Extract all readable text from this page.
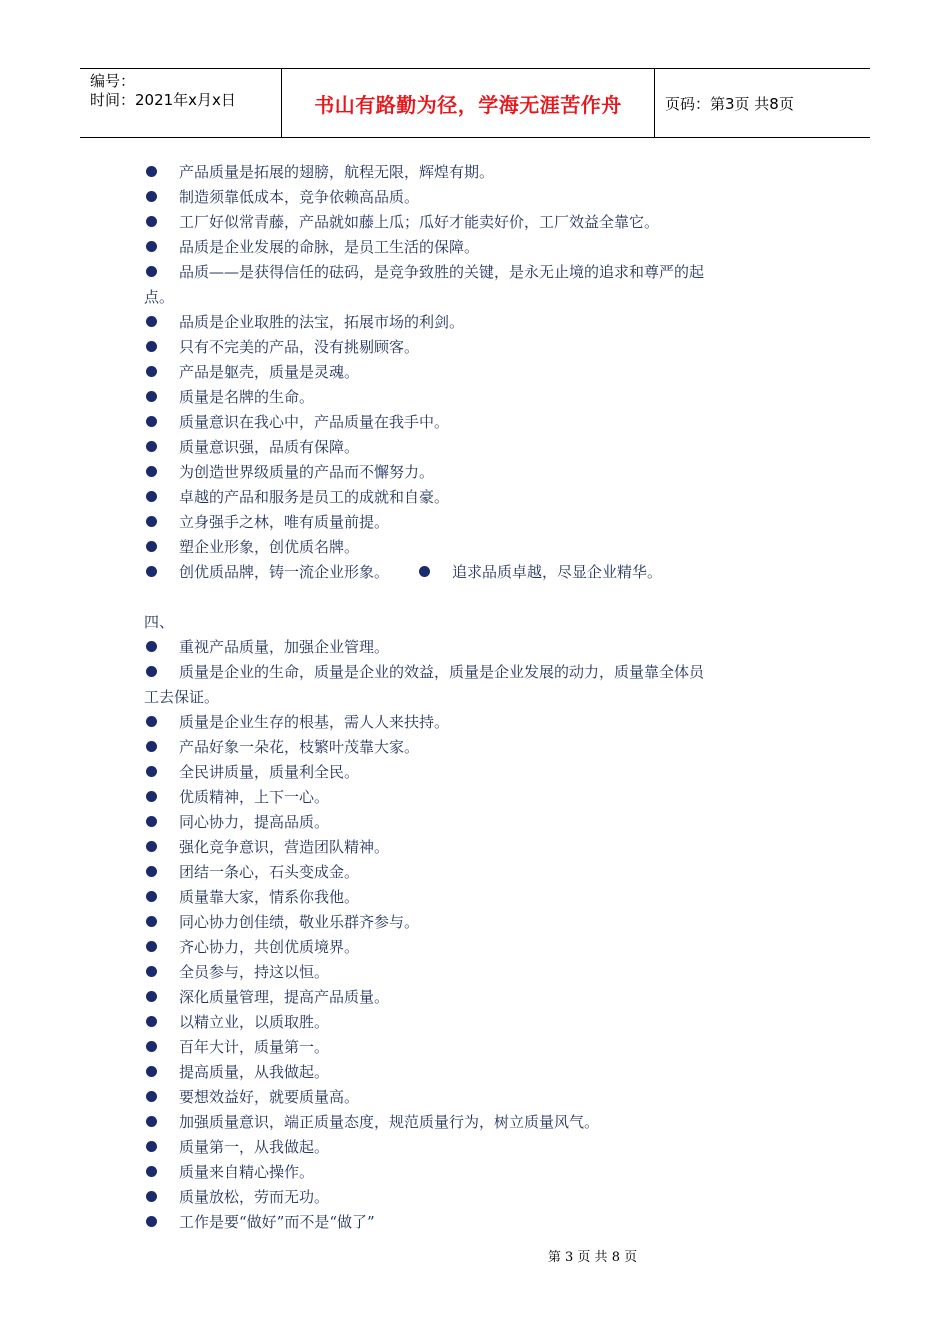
编号：
时间：2021年x月x日	书山有路勤为径，学海无涯苦作舟	页码：第3页 共8页
产品质量是拓展的翅膀，航程无限，辉煌有期。
制造须靠低成本，竞争依赖高品质。
工厂好似常青藤，产品就如藤上瓜；瓜好才能卖好价，工厂效益全靠它。
品质是企业发展的命脉，是员工生活的保障。
品质——是获得信任的砝码，是竞争致胜的关键，是永无止境的追求和尊严的起
点。
品质是企业取胜的法宝，拓展市场的利剑。
只有不完美的产品，没有挑剔顾客。
产品是躯壳，质量是灵魂。
质量是名牌的生命。
质量意识在我心中，产品质量在我手中。
质量意识强，品质有保障。
为创造世界级质量的产品而不懈努力。
卓越的产品和服务是员工的成就和自豪。
立身强手之林，唯有质量前提。
塑企业形象，创优质名牌。
创优质品牌，铸一流企业形象。	追求品质卓越，尽显企业精华。
四、
重视产品质量，加强企业管理。
质量是企业的生命，质量是企业的效益，质量是企业发展的动力，质量靠全体员
工去保证。
质量是企业生存的根基，需人人来扶持。
产品好象一朵花，枝繁叶茂靠大家。
全民讲质量，质量利全民。
优质精神，上下一心。
同心协力，提高品质。
强化竞争意识，营造团队精神。
团结一条心，石头变成金。
质量靠大家，情系你我他。
同心协力创佳绩，敬业乐群齐参与。
齐心协力，共创优质境界。
全员参与，持这以恒。
深化质量管理，提高产品质量。
以精立业，以质取胜。
百年大计，质量第一。
提高质量，从我做起。
要想效益好，就要质量高。
加强质量意识，端正质量态度，规范质量行为，树立质量风气。
质量第一，从我做起。
质量来自精心操作。
质量放松，劳而无功。
工作是要“做好”而不是“做了”
第 3 页 共 8 页
